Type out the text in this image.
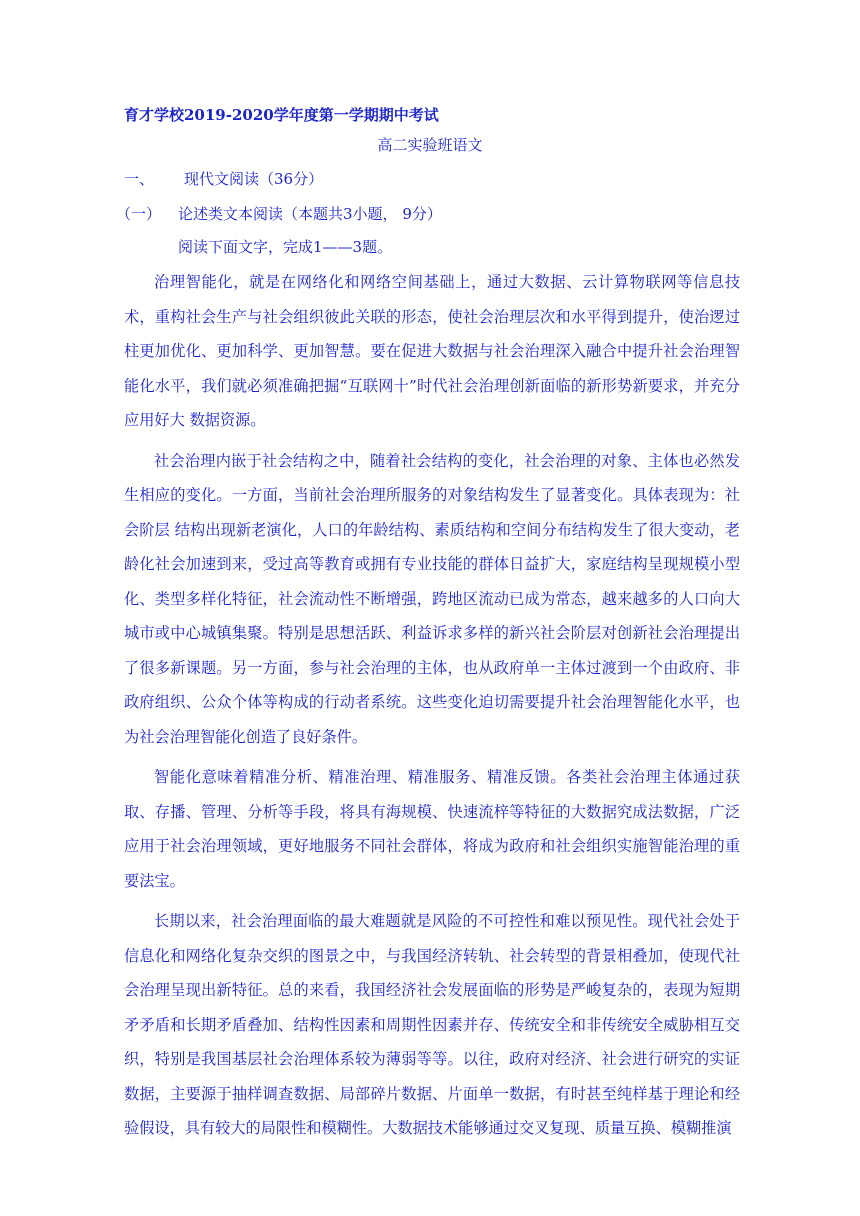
育才学校2019-2020学年度第一学期期中考试
高二实验班语文
一、 现代文阅读（36分）
（一） 论述类文本阅读（本题共3小题， 9分）
阅读下面文字，完成1——3题。

治理智能化，就是在网络化和网络空间基础上，通过大数据、云计算物联网等信息技术，重构社会生产与社会组织彼此关联的形态，使社会治理层次和水平得到提升，使治逻过柱更加优化、更加科学、更加智慧。要在促进大数据与社会治理深入融合中提升社会治理智能化水平，我们就必须准确把掘“互联网十”时代社会治理创新面临的新形势新要求，并充分应用好大 数据资源。

社会治理内嵌于社会结构之中，随着社会结构的变化，社会治理的对象、主体也必然发生相应的变化。一方面，当前社会治理所服务的对象结构发生了显著变化。具体表现为：社会阶层 结构出现新老演化，人口的年龄结构、素质结构和空间分布结构发生了很大变动，老龄化社会加速到来，受过高等教育或拥有专业技能的群体日益扩大，家庭结构呈现规模小型化、类型多样化特征，社会流动性不断增强，跨地区流动已成为常态，越来越多的人口向大城市或中心城镇集聚。特别是思想活跃、利益诉求多样的新兴社会阶层对创新社会治理提出了很多新课题。另一方面，参与社会治理的主体，也从政府单一主体过渡到一个由政府、非政府组织、公众个体等构成的行动者系统。这些变化迫切需要提升社会治理智能化水平，也为社会治理智能化创造了良好条件。

智能化意味着精准分析、精准治理、精准服务、精准反馈。各类社会治理主体通过获取、存播、管理、分析等手段，将具有海规模、快速流梓等特征的大数据究成法数据，广泛应用于社会治理领域，更好地服务不同社会群体，将成为政府和社会组织实施智能治理的重要法宝。

长期以来，社会治理面临的最大难题就是风险的不可控性和难以预见性。现代社会处于信息化和网络化复杂交织的图景之中，与我国经济转轨、社会转型的背景相叠加，使现代社会治理呈现出新特征。总的来看，我国经济社会发展面临的形势是严峻复杂的，表现为短期矛矛盾和长期矛盾叠加、结构性因素和周期性因素并存、传统安全和非传统安全威胁相互交织，特别是我国基层社会治理体系较为薄弱等等。以往，政府对经济、社会进行研究的实证数据，主要源于抽样调查数据、局部碎片数据、片面单一数据，有时甚至纯样基于理论和经验假设，具有较大的局限性和模糊性。大数据技术能够通过交叉复现、质量互换、模糊推演
